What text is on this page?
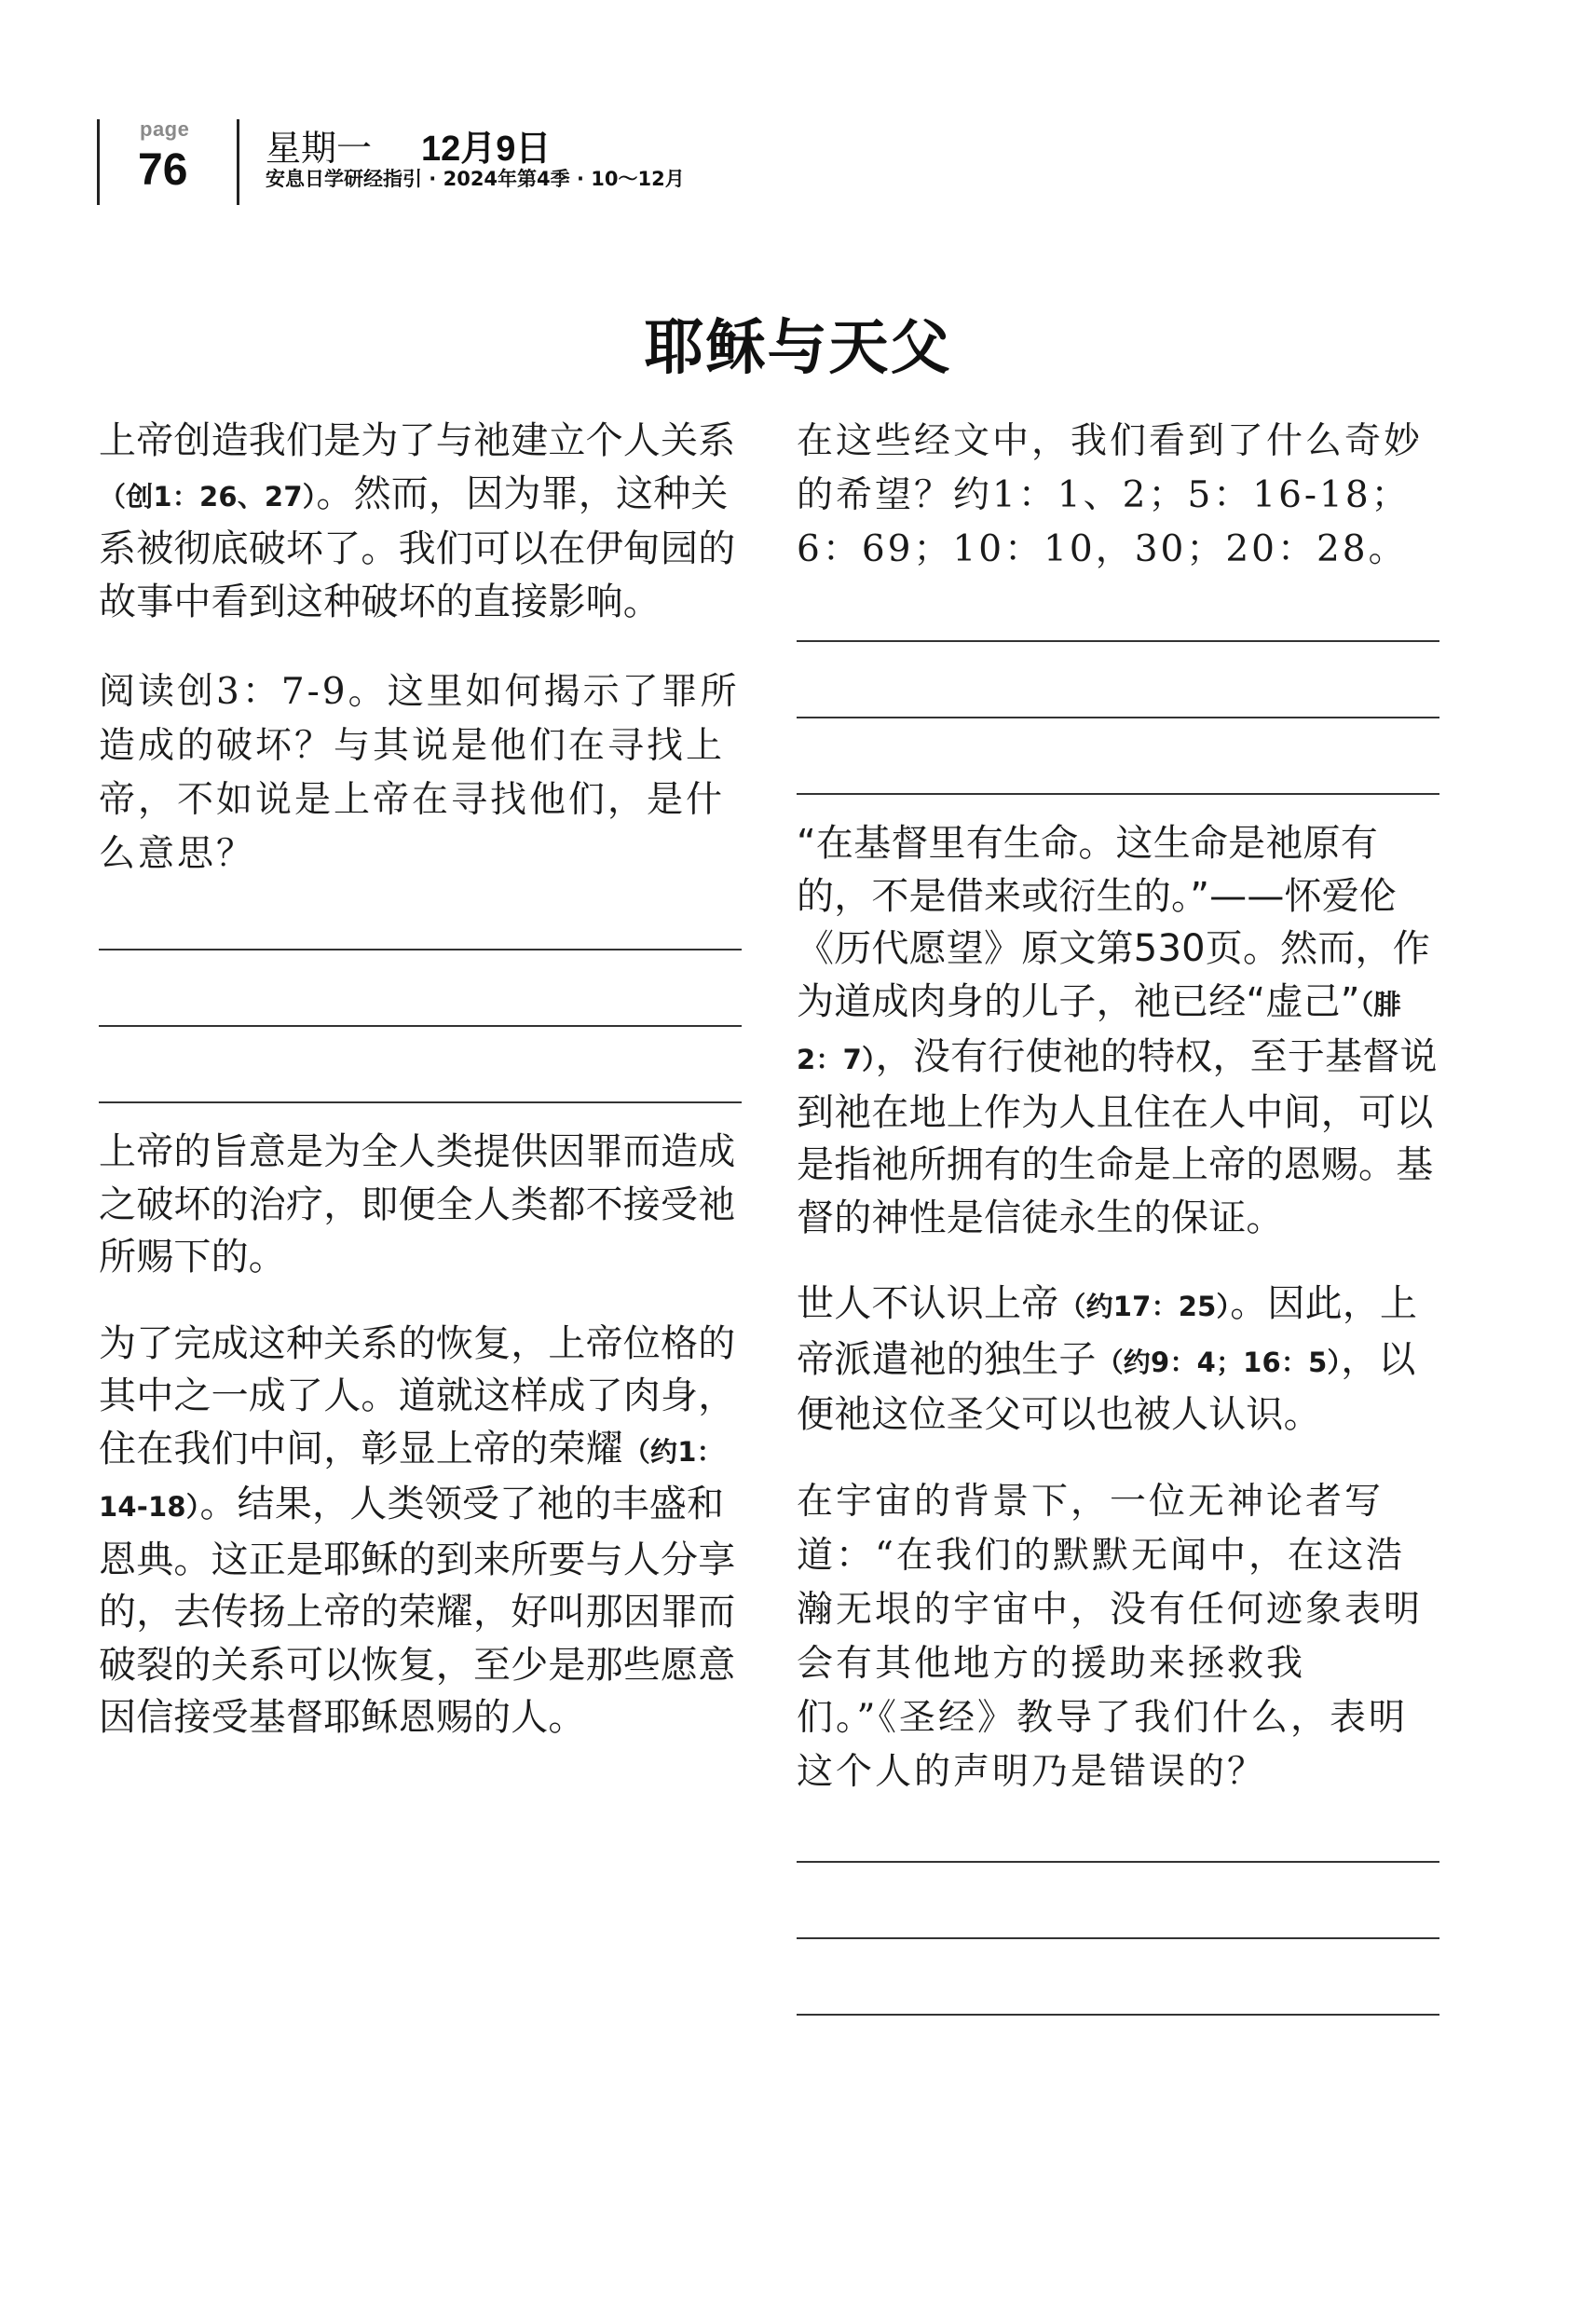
page
76 星期一 12月9日
安息日学研经指引 · 2024年第4季 · 10～12月
耶稣与天父

上帝创造我们是为了与祂建立个人关系（创1：26、27）。然而，因为罪，这种关系被彻底破坏了。我们可以在伊甸园的故事中看到这种破坏的直接影响。

阅读创3：7-9。这里如何揭示了罪所造成的破坏？与其说是他们在寻找上帝，不如说是上帝在寻找他们，是什么意思？

上帝的旨意是为全人类提供因罪而造成之破坏的治疗，即便全人类都不接受祂所赐下的。

为了完成这种关系的恢复，上帝位格的其中之一成了人。道就这样成了肉身，住在我们中间，彰显上帝的荣耀（约1：14-18）。结果，人类领受了祂的丰盛和恩典。这正是耶稣的到来所要与人分享的，去传扬上帝的荣耀，好叫那因罪而破裂的关系可以恢复，至少是那些愿意因信接受基督耶稣恩赐的人。

在这些经文中，我们看到了什么奇妙的希望？约1：1、2；5：16-18；6：69；10：10，30；20：28。

“在基督里有生命。这生命是祂原有的，不是借来或衍生的。”——怀爱伦《历代愿望》原文第530页。然而，作为道成肉身的儿子，祂已经“虚己”（腓2：7），没有行使祂的特权，至于基督说到祂在地上作为人且住在人中间，可以是指祂所拥有的生命是上帝的恩赐。基督的神性是信徒永生的保证。

世人不认识上帝（约17：25）。因此，上帝派遣祂的独生子（约9：4；16：5），以便祂这位圣父可以也被人认识。

在宇宙的背景下，一位无神论者写道：“在我们的默默无闻中，在这浩瀚无垠的宇宙中，没有任何迹象表明会有其他地方的援助来拯救我们。”《圣经》教导了我们什么，表明这个人的声明乃是错误的？
